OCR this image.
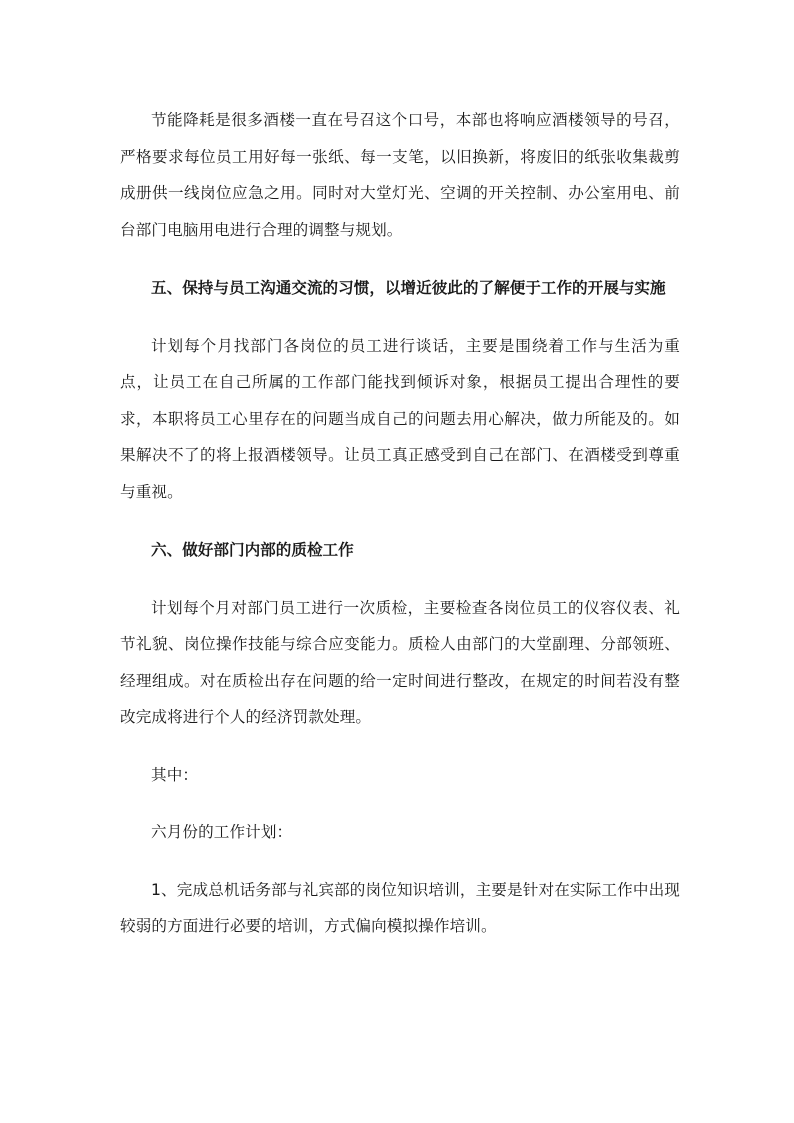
节能降耗是很多酒楼一直在号召这个口号，本部也将响应酒楼领导的号召，严格要求每位员工用好每一张纸、每一支笔，以旧换新，将废旧的纸张收集裁剪成册供一线岗位应急之用。同时对大堂灯光、空调的开关控制、办公室用电、前台部门电脑用电进行合理的调整与规划。

五、保持与员工沟通交流的习惯，以增近彼此的了解便于工作的开展与实施

计划每个月找部门各岗位的员工进行谈话，主要是围绕着工作与生活为重点，让员工在自己所属的工作部门能找到倾诉对象，根据员工提出合理性的要求，本职将员工心里存在的问题当成自己的问题去用心解决，做力所能及的。如果解决不了的将上报酒楼领导。让员工真正感受到自己在部门、在酒楼受到尊重与重视。

六、做好部门内部的质检工作

计划每个月对部门员工进行一次质检，主要检查各岗位员工的仪容仪表、礼节礼貌、岗位操作技能与综合应变能力。质检人由部门的大堂副理、分部领班、经理组成。对在质检出存在问题的给一定时间进行整改，在规定的时间若没有整改完成将进行个人的经济罚款处理。

其中：

六月份的工作计划：

1、完成总机话务部与礼宾部的岗位知识培训，主要是针对在实际工作中出现较弱的方面进行必要的培训，方式偏向模拟操作培训。
